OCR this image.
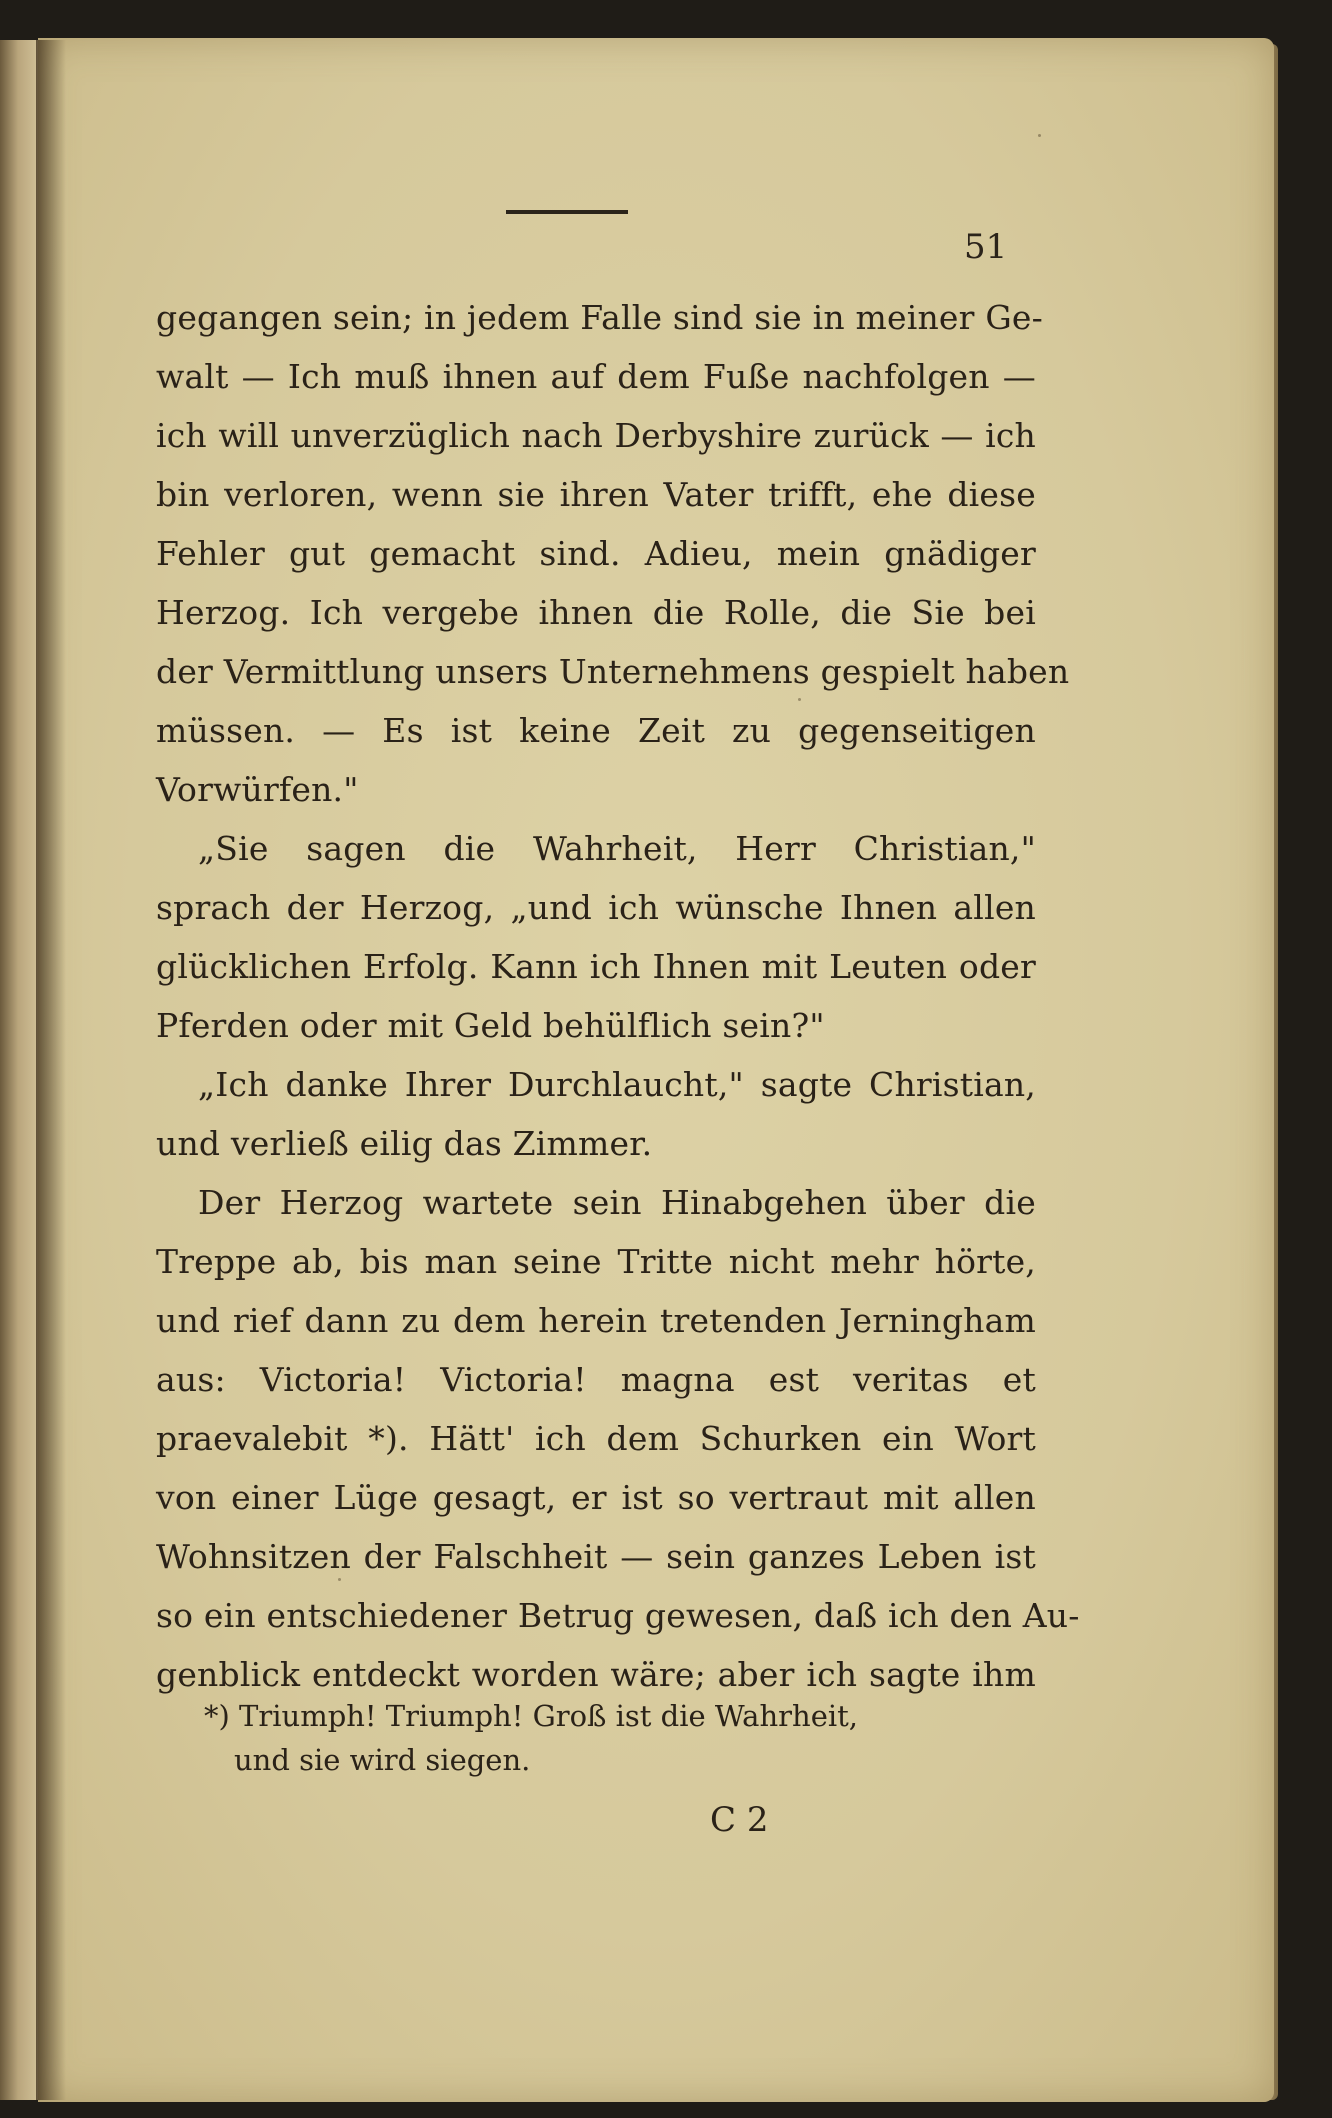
51
gegangen sein; in jedem Falle sind sie in meiner Ge-
walt — Ich muß ihnen auf dem Fuße nachfolgen —
ich will unverzüglich nach Derbyshire zurück — ich
bin verloren, wenn sie ihren Vater trifft, ehe diese
Fehler gut gemacht sind. Adieu, mein gnädiger
Herzog. Ich vergebe ihnen die Rolle, die Sie bei
der Vermittlung unsers Unternehmens gespielt haben
müssen. — Es ist keine Zeit zu gegenseitigen
Vorwürfen."
„Sie sagen die Wahrheit, Herr Christian,"
sprach der Herzog, „und ich wünsche Ihnen allen
glücklichen Erfolg. Kann ich Ihnen mit Leuten oder
Pferden oder mit Geld behülflich sein?"
„Ich danke Ihrer Durchlaucht," sagte Christian,
und verließ eilig das Zimmer.
Der Herzog wartete sein Hinabgehen über die
Treppe ab, bis man seine Tritte nicht mehr hörte,
und rief dann zu dem herein tretenden Jerningham
aus: Victoria! Victoria! magna est veritas et
praevalebit *). Hätt' ich dem Schurken ein Wort
von einer Lüge gesagt, er ist so vertraut mit allen
Wohnsitzen der Falschheit — sein ganzes Leben ist
so ein entschiedener Betrug gewesen, daß ich den Au-
genblick entdeckt worden wäre; aber ich sagte ihm
*) Triumph! Triumph! Groß ist die Wahrheit,
und sie wird siegen.
C 2
